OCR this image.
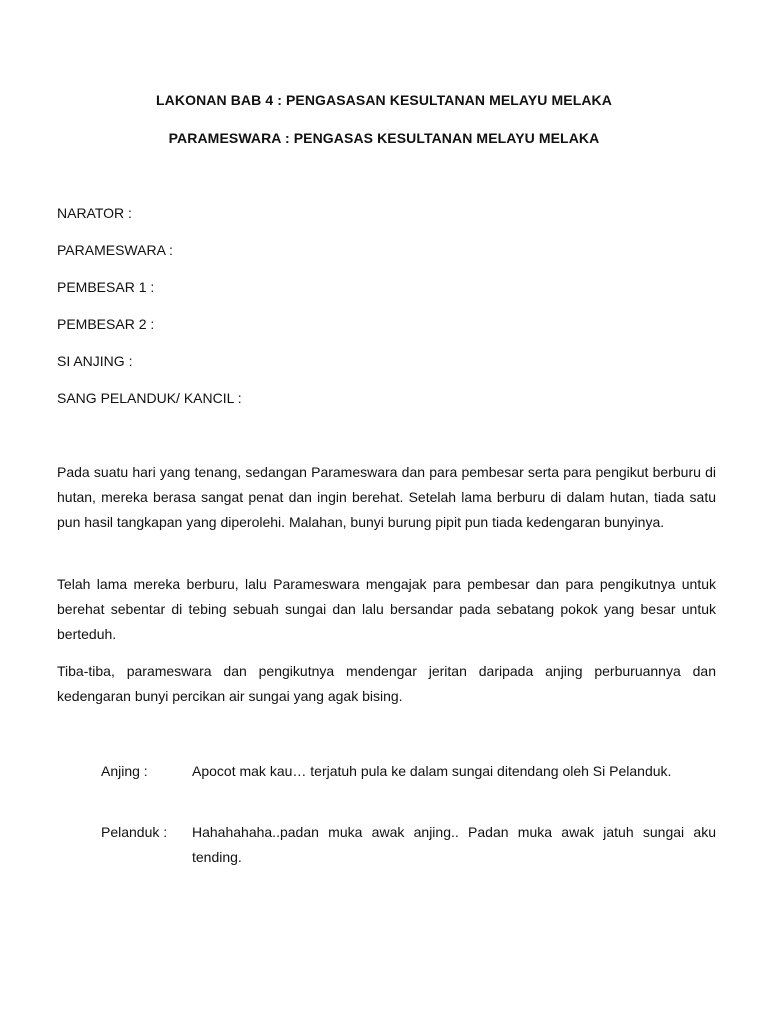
LAKONAN BAB 4 : PENGASASAN KESULTANAN MELAYU MELAKA
PARAMESWARA : PENGASAS KESULTANAN MELAYU MELAKA
NARATOR :
PARAMESWARA :
PEMBESAR 1 :
PEMBESAR 2 :
SI ANJING :
SANG PELANDUK/ KANCIL :

Pada suatu hari yang tenang, sedangan Parameswara dan para pembesar serta para pengikut berburu di hutan, mereka berasa sangat penat dan ingin berehat. Setelah lama berburu di dalam hutan, tiada satu pun hasil tangkapan yang diperolehi. Malahan, bunyi burung pipit pun tiada kedengaran bunyinya.

Telah lama mereka berburu, lalu Parameswara mengajak para pembesar dan para pengikutnya untuk berehat sebentar di tebing sebuah sungai dan lalu bersandar pada sebatang pokok yang besar untuk berteduh.

Tiba-tiba, parameswara dan pengikutnya mendengar jeritan daripada anjing perburuannya dan kedengaran bunyi percikan air sungai yang agak bising.

Anjing :	Apocot mak kau… terjatuh pula ke dalam sungai ditendang oleh Si Pelanduk.

Pelanduk :	Hahahahaha..padan muka awak anjing.. Padan muka awak jatuh sungai aku tending.
